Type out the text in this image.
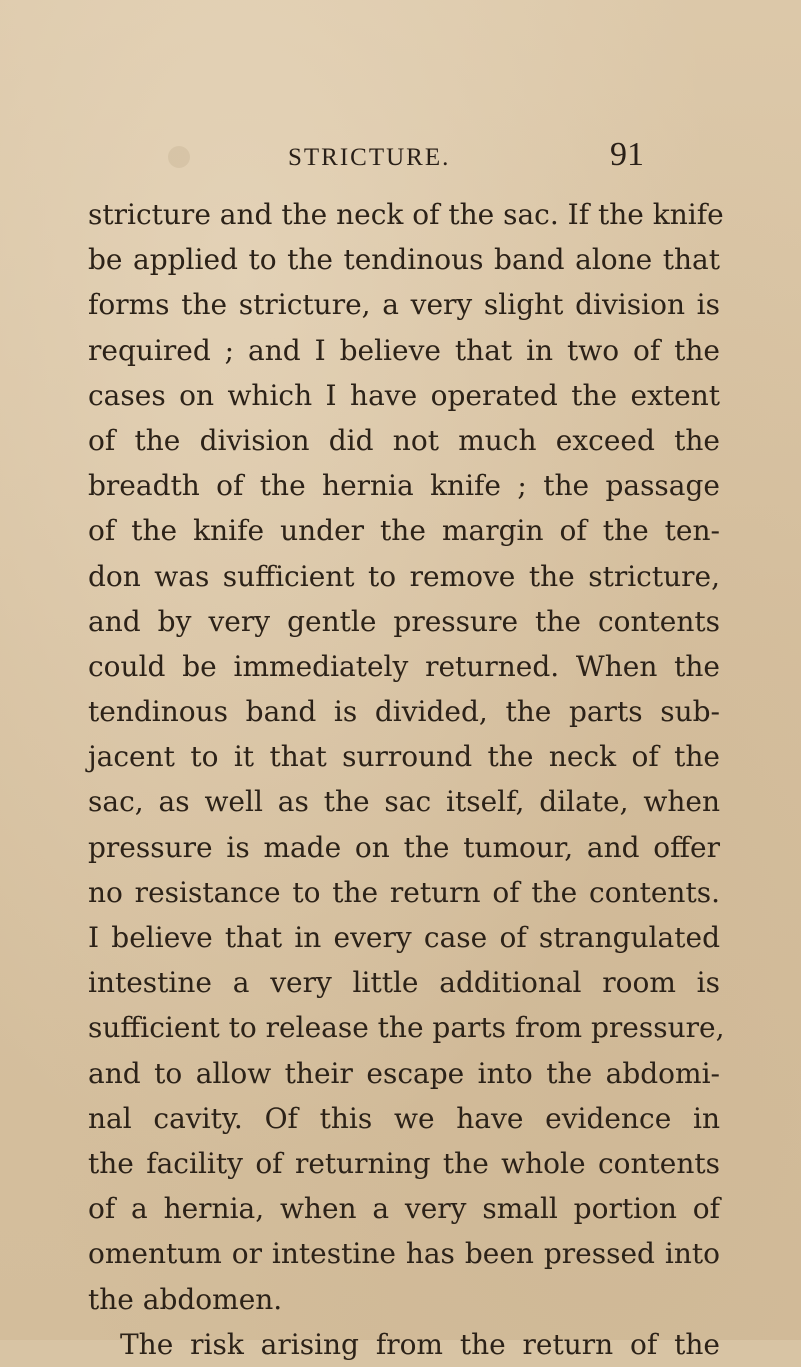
STRICTURE.	91
stricture and the neck of the sac. If the knife
be applied to the tendinous band alone that
forms the stricture, a very slight division is
required ; and I believe that in two of the
cases on which I have operated the extent
of the division did not much exceed the
breadth of the hernia knife ; the passage
of the knife under the margin of the ten-
don was sufficient to remove the stricture,
and by very gentle pressure the contents
could be immediately returned. When the
tendinous band is divided, the parts sub-
jacent to it that surround the neck of the
sac, as well as the sac itself, dilate, when
pressure is made on the tumour, and offer
no resistance to the return of the contents.
I believe that in every case of strangulated
intestine a very little additional room is
sufficient to release the parts from pressure,
and to allow their escape into the abdomi-
nal cavity. Of this we have evidence in
the facility of returning the whole contents
of a hernia, when a very small portion of
omentum or intestine has been pressed into
the abdomen.
The risk arising from the return of the
